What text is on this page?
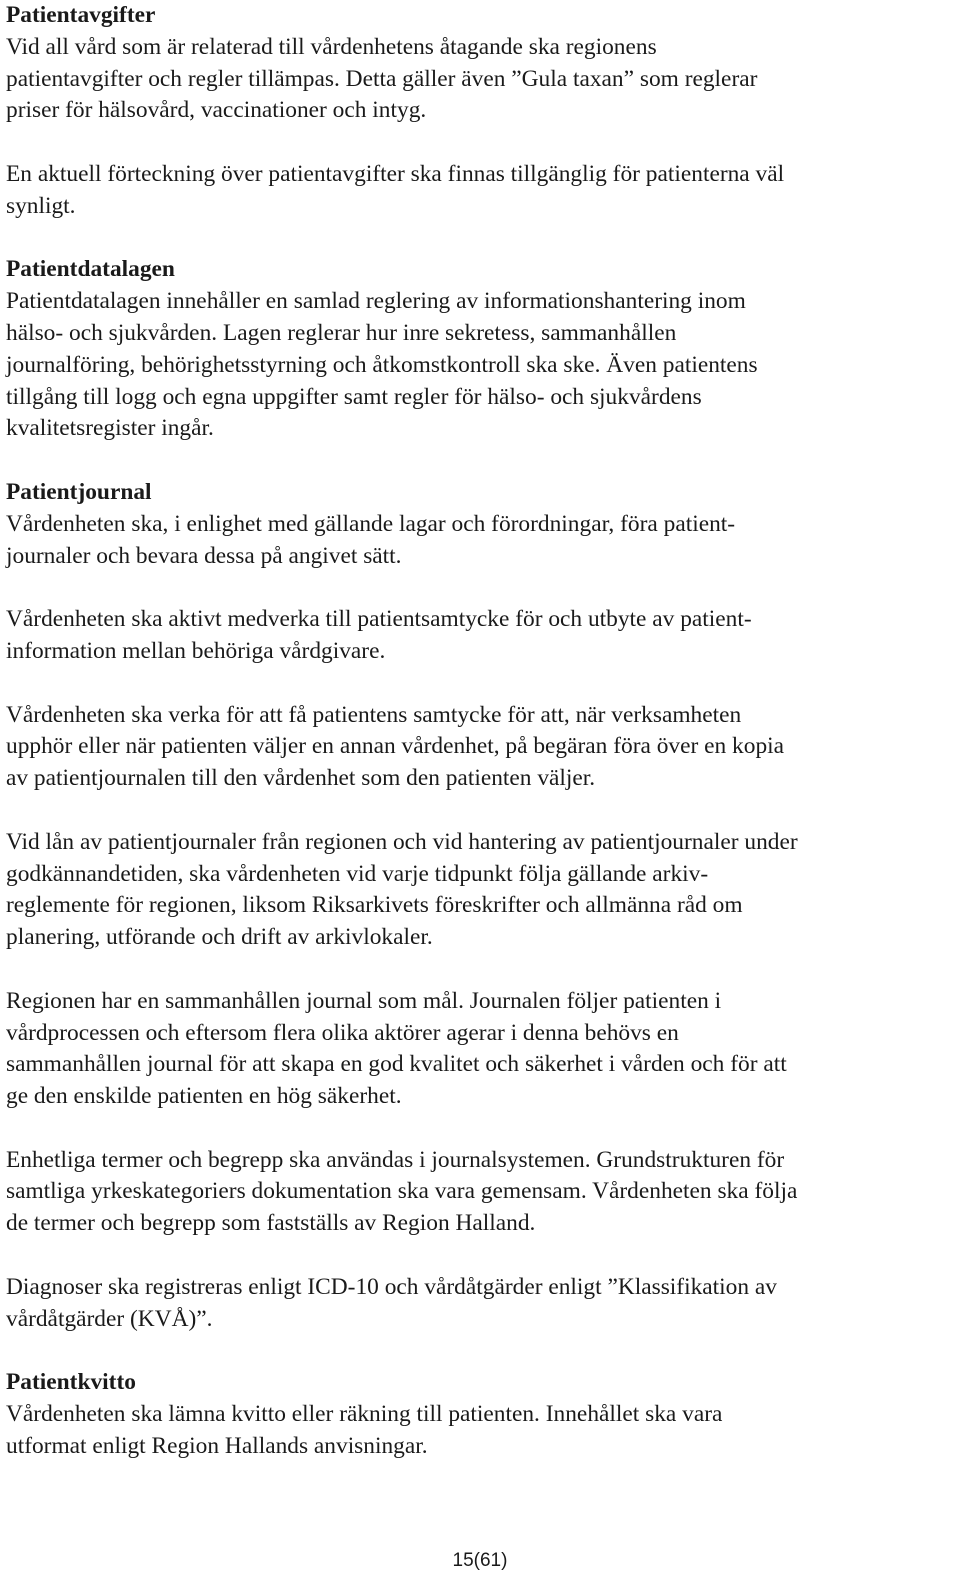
Patientavgifter
Vid all vård som är relaterad till vårdenhetens åtagande ska regionens
patientavgifter och regler tillämpas. Detta gäller även ”Gula taxan” som reglerar
priser för hälsovård, vaccinationer och intyg.
En aktuell förteckning över patientavgifter ska finnas tillgänglig för patienterna väl
synligt.
Patientdatalagen
Patientdatalagen innehåller en samlad reglering av informationshantering inom
hälso- och sjukvården. Lagen reglerar hur inre sekretess, sammanhållen
journalföring, behörighetsstyrning och åtkomstkontroll ska ske. Även patientens
tillgång till logg och egna uppgifter samt regler för hälso- och sjukvårdens
kvalitetsregister ingår.
Patientjournal
Vårdenheten ska, i enlighet med gällande lagar och förordningar, föra patient-
journaler och bevara dessa på angivet sätt.
Vårdenheten ska aktivt medverka till patientsamtycke för och utbyte av patient-
information mellan behöriga vårdgivare.
Vårdenheten ska verka för att få patientens samtycke för att, när verksamheten
upphör eller när patienten väljer en annan vårdenhet, på begäran föra över en kopia
av patientjournalen till den vårdenhet som den patienten väljer.
Vid lån av patientjournaler från regionen och vid hantering av patientjournaler under
godkännandetiden, ska vårdenheten vid varje tidpunkt följa gällande arkiv-
reglemente för regionen, liksom Riksarkivets föreskrifter och allmänna råd om
planering, utförande och drift av arkivlokaler.
Regionen har en sammanhållen journal som mål. Journalen följer patienten i
vårdprocessen och eftersom flera olika aktörer agerar i denna behövs en
sammanhållen journal för att skapa en god kvalitet och säkerhet i vården och för att
ge den enskilde patienten en hög säkerhet.
Enhetliga termer och begrepp ska användas i journalsystemen. Grundstrukturen för
samtliga yrkeskategoriers dokumentation ska vara gemensam. Vårdenheten ska följa
de termer och begrepp som fastställs av Region Halland.
Diagnoser ska registreras enligt ICD-10 och vårdåtgärder enligt ”Klassifikation av
vårdåtgärder (KVÅ)”.
Patientkvitto
Vårdenheten ska lämna kvitto eller räkning till patienten. Innehållet ska vara
utformat enligt Region Hallands anvisningar.
15(61)
